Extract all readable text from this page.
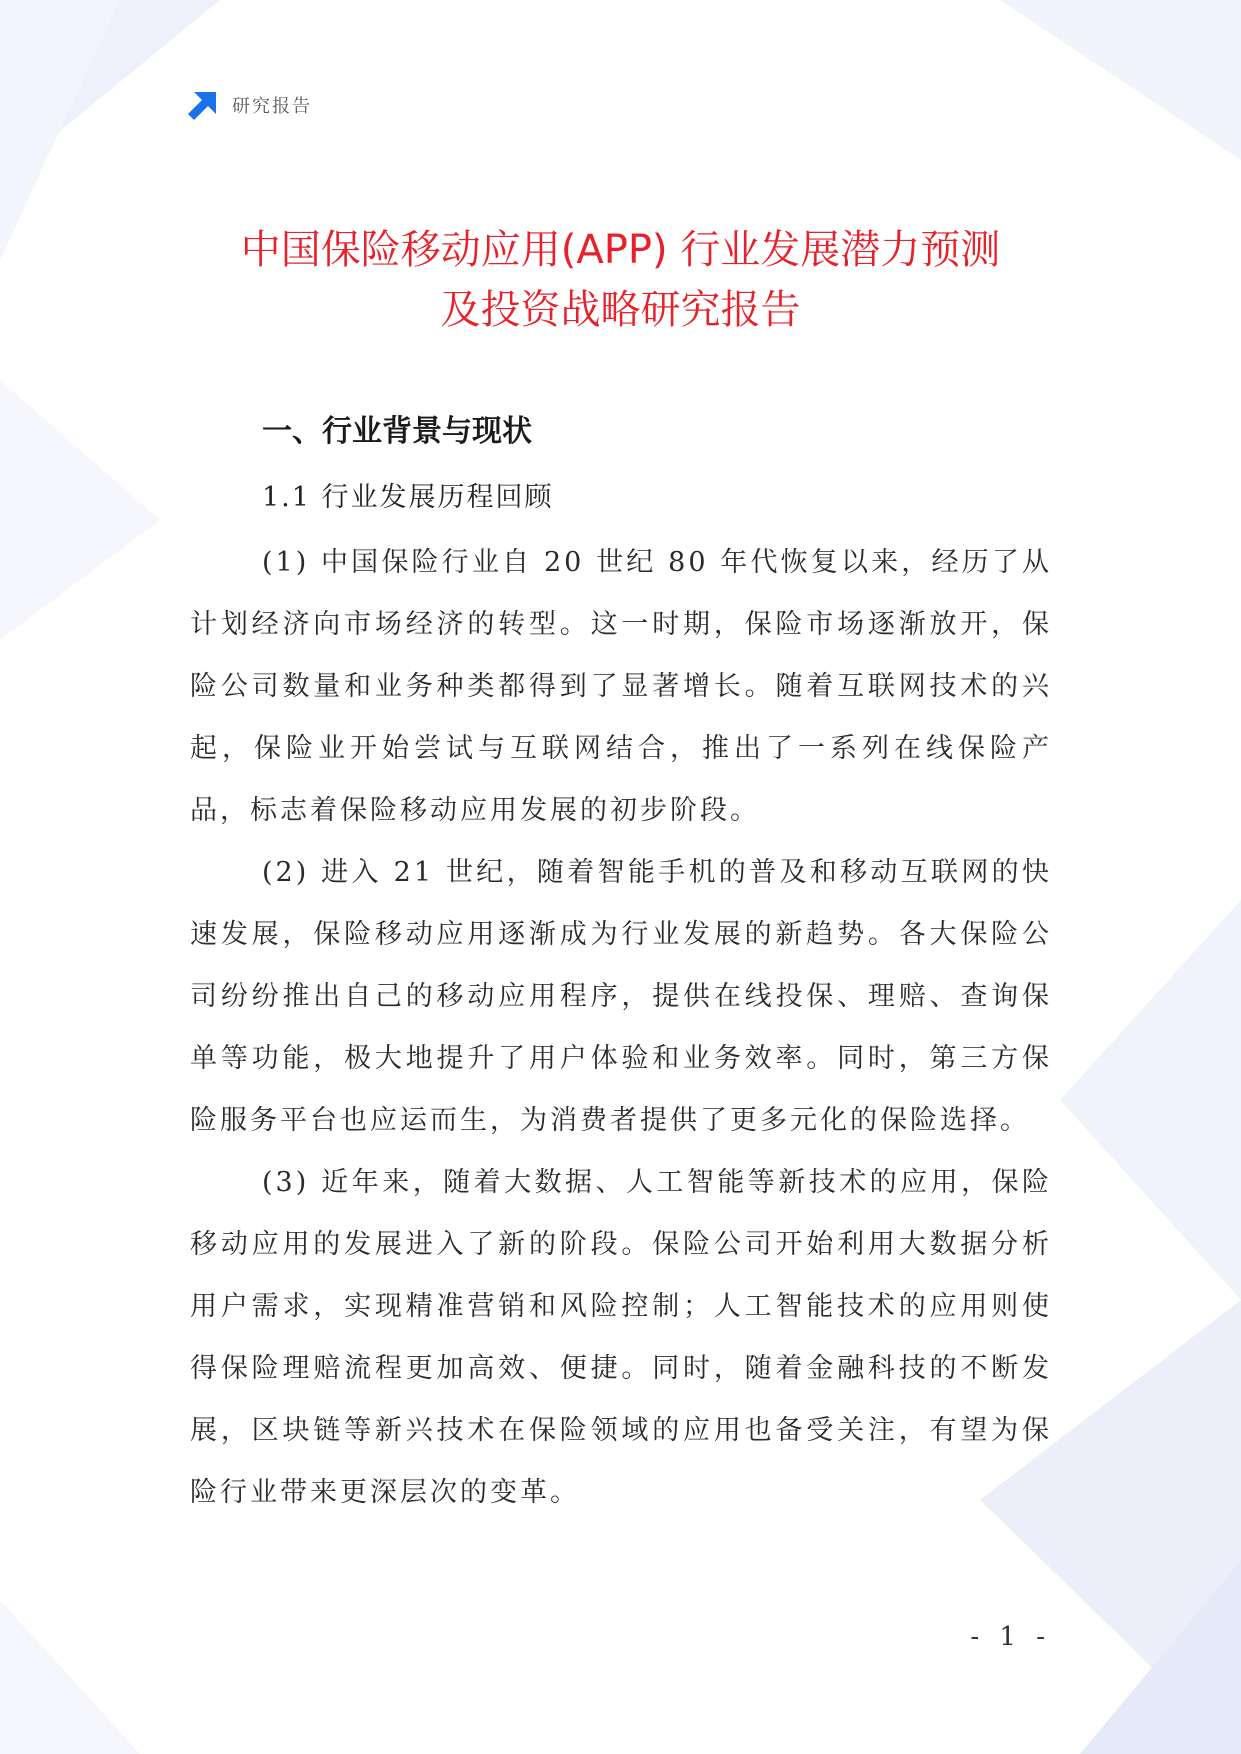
研究报告
中国保险移动应用(APP) 行业发展潜力预测
及投资战略研究报告
一、行业背景与现状
1.1 行业发展历程回顾

(1) 中国保险行业自 20 世纪 80 年代恢复以来，经历了从计划经济向市场经济的转型。这一时期，保险市场逐渐放开，保险公司数量和业务种类都得到了显著增长。随着互联网技术的兴起，保险业开始尝试与互联网结合，推出了一系列在线保险产品，标志着保险移动应用发展的初步阶段。

(2) 进入 21 世纪，随着智能手机的普及和移动互联网的快速发展，保险移动应用逐渐成为行业发展的新趋势。各大保险公司纷纷推出自己的移动应用程序，提供在线投保、理赔、查询保单等功能，极大地提升了用户体验和业务效率。同时，第三方保险服务平台也应运而生，为消费者提供了更多元化的保险选择。

(3) 近年来，随着大数据、人工智能等新技术的应用，保险移动应用的发展进入了新的阶段。保险公司开始利用大数据分析用户需求，实现精准营销和风险控制；人工智能技术的应用则使得保险理赔流程更加高效、便捷。同时，随着金融科技的不断发展，区块链等新兴技术在保险领域的应用也备受关注，有望为保险行业带来更深层次的变革。

- 1 -
